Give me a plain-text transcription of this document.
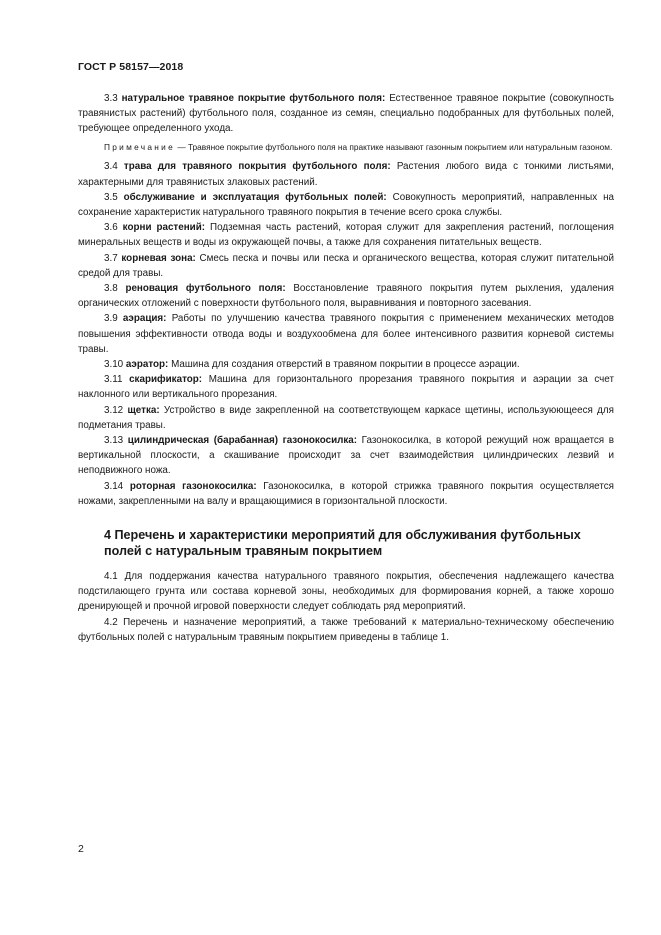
ГОСТ Р 58157—2018

3.3 натуральное травяное покрытие футбольного поля: Естественное травяное покрытие (совокупность травянистых растений) футбольного поля, созданное из семян, специально подобранных для футбольных полей, требующее определенного ухода.

Примечание — Травяное покрытие футбольного поля на практике называют газонным покрытием или натуральным газоном.

3.4 трава для травяного покрытия футбольного поля: Растения любого вида с тонкими листьями, характерными для травянистых злаковых растений.

3.5 обслуживание и эксплуатация футбольных полей: Совокупность мероприятий, направленных на сохранение характеристик натурального травяного покрытия в течение всего срока службы.

3.6 корни растений: Подземная часть растений, которая служит для закрепления растений, поглощения минеральных веществ и воды из окружающей почвы, а также для сохранения питательных веществ.

3.7 корневая зона: Смесь песка и почвы или песка и органического вещества, которая служит питательной средой для травы.

3.8 реновация футбольного поля: Восстановление травяного покрытия путем рыхления, удаления органических отложений с поверхности футбольного поля, выравнивания и повторного засевания.

3.9 аэрация: Работы по улучшению качества травяного покрытия с применением механических методов повышения эффективности отвода воды и воздухообмена для более интенсивного развития корневой системы травы.

3.10 аэратор: Машина для создания отверстий в травяном покрытии в процессе аэрации.

3.11 скарификатор: Машина для горизонтального прорезания травяного покрытия и аэрации за счет наклонного или вертикального прорезания.

3.12 щетка: Устройство в виде закрепленной на соответствующем каркасе щетины, используюющееся для подметания травы.

3.13 цилиндрическая (барабанная) газонокосилка: Газонокосилка, в которой режущий нож вращается в вертикальной плоскости, а скашивание происходит за счет взаимодействия цилиндрических лезвий и неподвижного ножа.

3.14 роторная газонокосилка: Газонокосилка, в которой стрижка травяного покрытия осуществляется ножами, закрепленными на валу и вращающимися в горизонтальной плоскости.

4 Перечень и характеристики мероприятий для обслуживания футбольных полей с натуральным травяным покрытием

4.1 Для поддержания качества натурального травяного покрытия, обеспечения надлежащего качества подстилающего грунта или состава корневой зоны, необходимых для формирования корней, а также хорошо дренирующей и прочной игровой поверхности следует соблюдать ряд мероприятий.

4.2 Перечень и назначение мероприятий, а также требований к материально-техническому обеспечению футбольных полей с натуральным травяным покрытием приведены в таблице 1.

2
